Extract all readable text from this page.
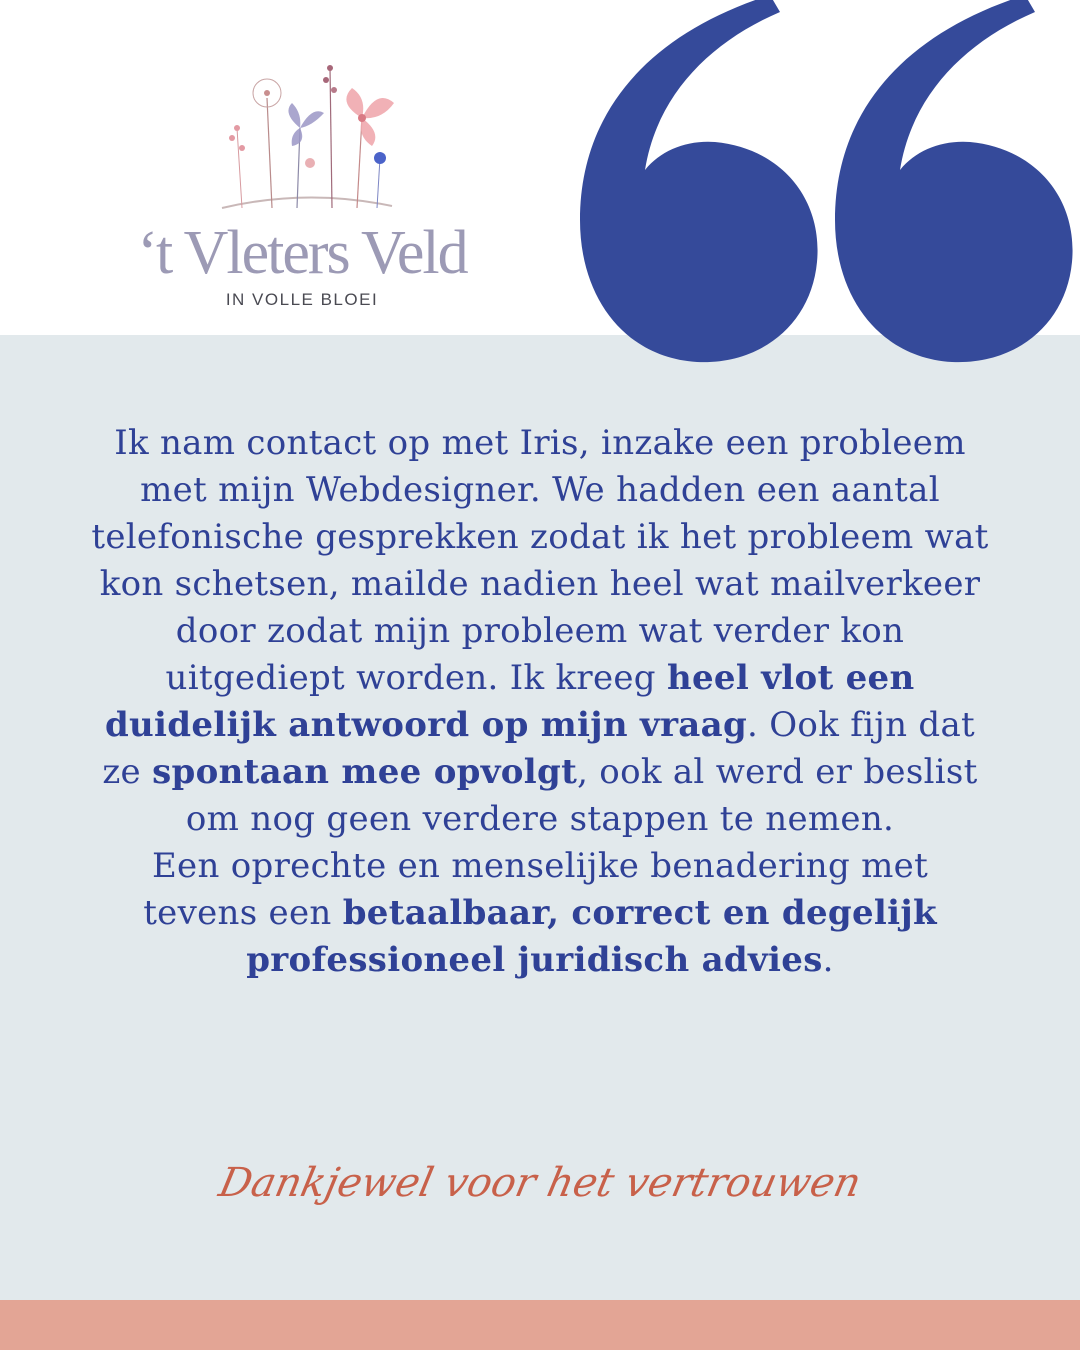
‘t Vleters Veld
IN VOLLE BLOEI

Ik nam contact op met Iris, inzake een probleem met mijn Webdesigner. We hadden een aantal telefonische gesprekken zodat ik het probleem wat kon schetsen, mailde nadien heel wat mailverkeer door zodat mijn probleem wat verder kon uitgediept worden. Ik kreeg heel vlot een duidelijk antwoord op mijn vraag. Ook fijn dat ze spontaan mee opvolgt, ook al werd er beslist om nog geen verdere stappen te nemen.

Een oprechte en menselijke benadering met tevens een betaalbaar, correct en degelijk professioneel juridisch advies.

Dankjewel voor het vertrouwen
